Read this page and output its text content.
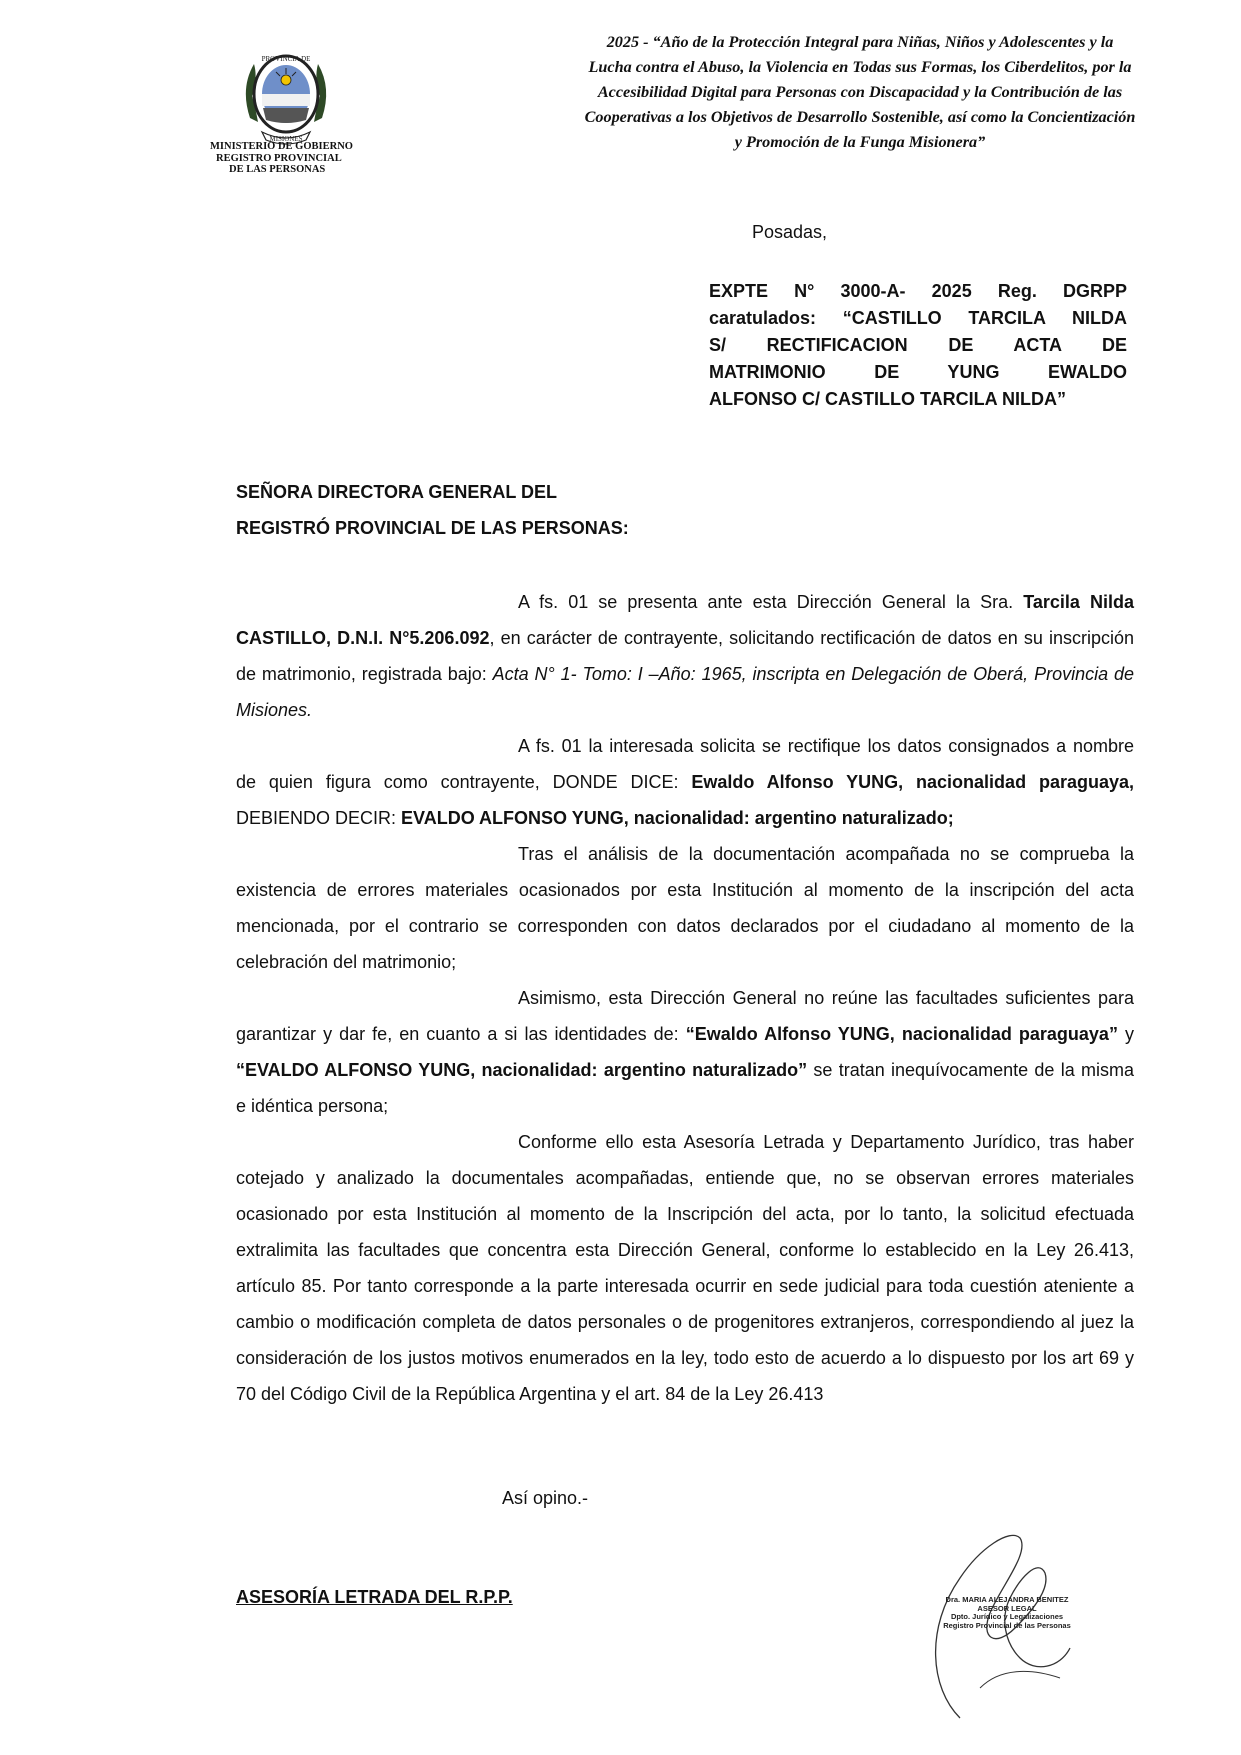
PROVINCIA DE
MISIONES
MINISTERIO DE GOBIERNO
REGISTRO PROVINCIAL
DE LAS PERSONAS
2025 - “Año de la Protección Integral para Niñas, Niños y Adolescentes y la
Lucha contra el Abuso, la Violencia en Todas sus Formas, los Ciberdelitos, por la
Accesibilidad Digital para Personas con Discapacidad y la Contribución de las
Cooperativas a los Objetivos de Desarrollo Sostenible, así como la Concientización
y Promoción de la Funga Misionera”
Posadas,
EXPTE N° 3000-A- 2025 Reg. DGRPP
caratulados: “CASTILLO TARCILA NILDA
S/ RECTIFICACION DE ACTA DE
MATRIMONIO DE YUNG EWALDO
ALFONSO C/ CASTILLO TARCILA NILDA”
SEÑORA DIRECTORA GENERAL DEL
REGISTRÓ PROVINCIAL DE LAS PERSONAS:

A fs. 01 se presenta ante esta Dirección General la Sra. Tarcila Nilda CASTILLO, D.N.I. N°5.206.092, en carácter de contrayente, solicitando rectificación de datos en su inscripción de matrimonio, registrada bajo: Acta N° 1- Tomo: I –Año: 1965, inscripta en Delegación de Oberá, Provincia de Misiones.

A fs. 01 la interesada solicita se rectifique los datos consignados a nombre de quien figura como contrayente, DONDE DICE: Ewaldo Alfonso YUNG, nacionalidad paraguaya, DEBIENDO DECIR: EVALDO ALFONSO YUNG, nacionalidad: argentino naturalizado;

Tras el análisis de la documentación acompañada no se comprueba la existencia de errores materiales ocasionados por esta Institución al momento de la inscripción del acta mencionada, por el contrario se corresponden con datos declarados por el ciudadano al momento de la celebración del matrimonio;

Asimismo, esta Dirección General no reúne las facultades suficientes para garantizar y dar fe, en cuanto a si las identidades de: “Ewaldo Alfonso YUNG, nacionalidad paraguaya” y “EVALDO ALFONSO YUNG, nacionalidad: argentino naturalizado” se tratan inequívocamente de la misma e idéntica persona;

Conforme ello esta Asesoría Letrada y Departamento Jurídico, tras haber cotejado y analizado la documentales acompañadas, entiende que, no se observan errores materiales ocasionado por esta Institución al momento de la Inscripción del acta, por lo tanto, la solicitud efectuada extralimita las facultades que concentra esta Dirección General, conforme lo establecido en la Ley 26.413, artículo 85. Por tanto corresponde a la parte interesada ocurrir en sede judicial para toda cuestión ateniente a cambio o modificación completa de datos personales o de progenitores extranjeros, correspondiendo al juez la consideración de los justos motivos enumerados en la ley, todo esto de acuerdo a lo dispuesto por los art 69 y 70 del Código Civil de la República Argentina y el art. 84 de la Ley 26.413

Así opino.-
ASESORÍA LETRADA DEL R.P.P.	Dra. MARIA ALEJANDRA BENITEZ
ASESOR LEGAL
Dpto. Jurídico y Legalizaciones
Registro Provincial de las Personas
